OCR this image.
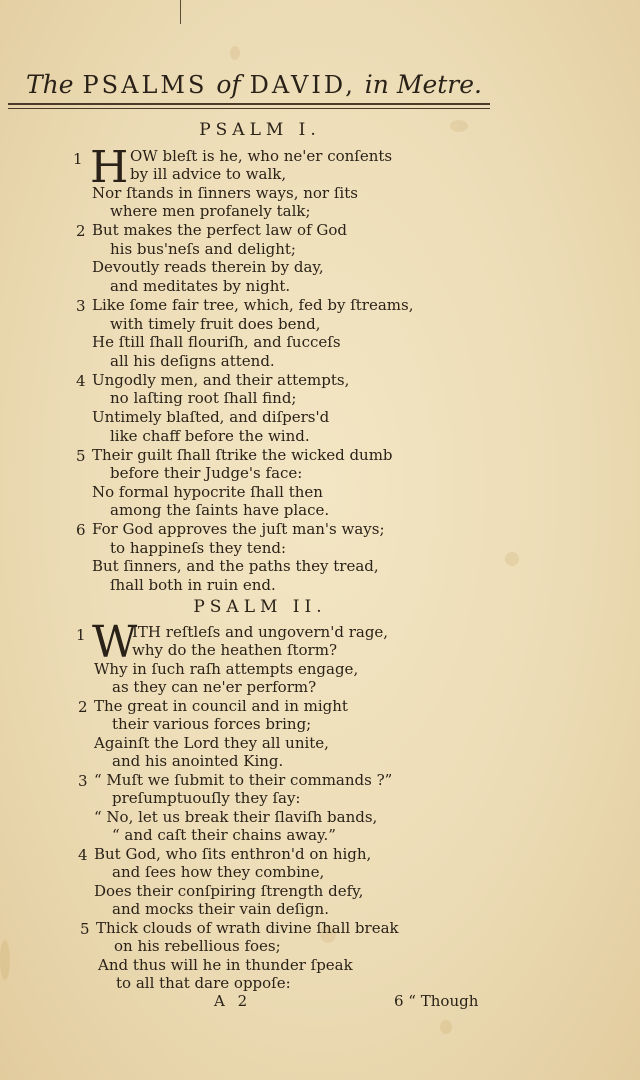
The PSALMS of DAVID, in Metre.
PSALM I.
1 H OW bleſt is he, who ne'er conſents
by ill advice to walk,
Nor ſtands in ſinners ways, nor ſits
where men profanely talk;
2 But makes the perfect law of God
his bus'neſs and delight;
Devoutly reads therein by day,
and meditates by night.
3 Like ſome fair tree, which, fed by ſtreams,
with timely fruit does bend,
He ſtill ſhall flouriſh, and ſucceſs
all his deſigns attend.
4 Ungodly men, and their attempts,
no laſting root ſhall find;
Untimely blaſted, and diſpers'd
like chaff before the wind.
5 Their guilt ſhall ſtrike the wicked dumb
before their Judge's face:
No formal hypocrite ſhall then
among the ſaints have place.
6 For God approves the juſt man's ways;
to happineſs they tend:
But ſinners, and the paths they tread,
ſhall both in ruin end.
PSALM II.
1 W
ITH reſtleſs and ungovern'd rage,
why do the heathen ſtorm?
Why in ſuch raſh attempts engage,
as they can ne'er perform?
2 The great in council and in might
their various forces bring;
Againſt the Lord they all unite,
and his anointed King.
3 “ Muſt we ſubmit to their commands ?”
preſumptuouſly they ſay:
“ No, let us break their ſlaviſh bands,
“ and caſt their chains away.”
4 But God, who ſits enthron'd on high,
and ſees how they combine,
Does their conſpiring ſtrength defy,
and mocks their vain deſign.
5 Thick clouds of wrath divine ſhall break
on his rebellious foes;
And thus will he in thunder ſpeak
to all that dare oppoſe:
A 2	6 “ Though
